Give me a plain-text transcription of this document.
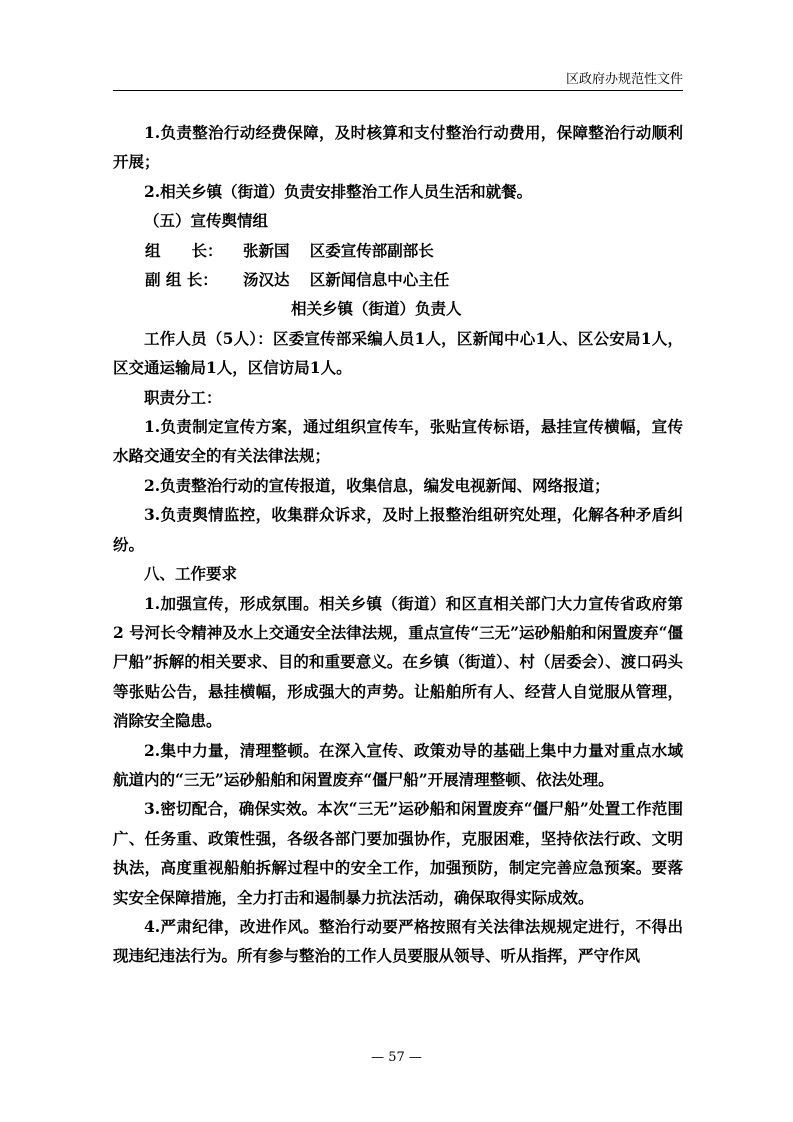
区政府办规范性文件

1.负责整治行动经费保障，及时核算和支付整治行动费用，保障整治行动顺利开展；

2.相关乡镇（街道）负责安排整治工作人员生活和就餐。

（五）宣传舆情组

组　　长： 张新国 区委宣传部副部长

副 组 长： 汤汉达 区新闻信息中心主任

相关乡镇（街道）负责人

工作人员（5人）：区委宣传部采编人员1人，区新闻中心1人、区公安局1人，区交通运输局1人，区信访局1人。

职责分工：

1.负责制定宣传方案，通过组织宣传车，张贴宣传标语，悬挂宣传横幅，宣传水路交通安全的有关法律法规；

2.负责整治行动的宣传报道，收集信息，编发电视新闻、网络报道；

3.负责舆情监控，收集群众诉求，及时上报整治组研究处理，化解各种矛盾纠纷。

八、工作要求

1.加强宣传，形成氛围。相关乡镇（街道）和区直相关部门大力宣传省政府第 2 号河长令精神及水上交通安全法律法规，重点宣传“三无”运砂船舶和闲置废弃“僵尸船”拆解的相关要求、目的和重要意义。在乡镇（街道）、村（居委会）、渡口码头等张贴公告，悬挂横幅，形成强大的声势。让船舶所有人、经营人自觉服从管理，消除安全隐患。

2.集中力量，清理整顿。在深入宣传、政策劝导的基础上集中力量对重点水域航道内的“三无”运砂船舶和闲置废弃“僵尸船”开展清理整顿、依法处理。

3.密切配合，确保实效。本次“三无”运砂船和闲置废弃“僵尸船”处置工作范围广、任务重、政策性强，各级各部门要加强协作，克服困难，坚持依法行政、文明执法，高度重视船舶拆解过程中的安全工作，加强预防，制定完善应急预案。要落实安全保障措施，全力打击和遏制暴力抗法活动，确保取得实际成效。

4.严肃纪律，改进作风。整治行动要严格按照有关法律法规规定进行，不得出现违纪违法行为。所有参与整治的工作人员要服从领导、听从指挥，严守作风

— 57 —
